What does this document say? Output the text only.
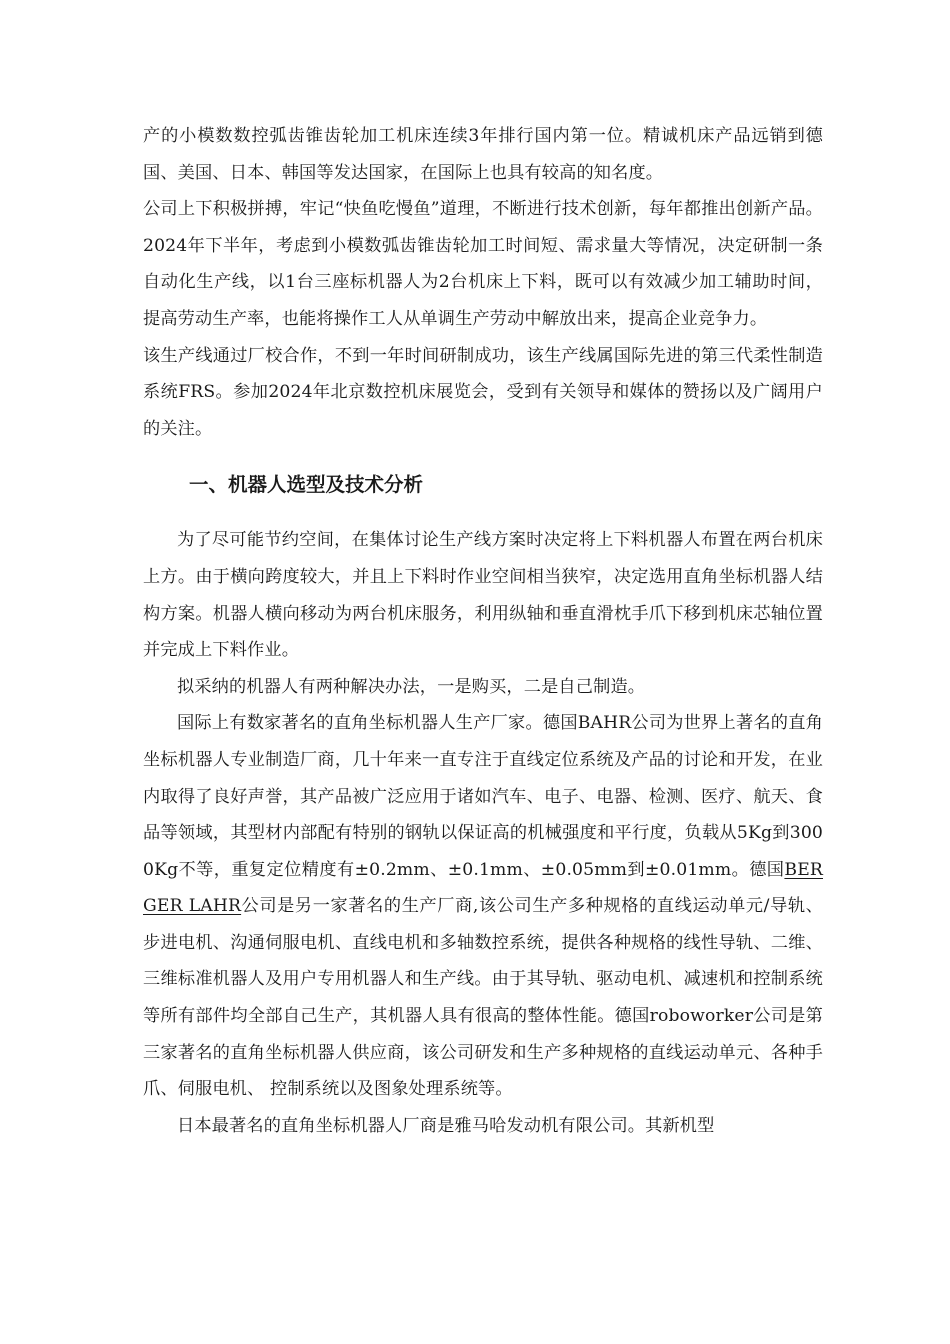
产的小模数数控弧齿锥齿轮加工机床连续3年排行国内第一位。精诚机床产品远销到德国、美国、日本、韩国等发达国家，在国际上也具有较高的知名度。

公司上下积极拼搏，牢记“快鱼吃慢鱼”道理，不断进行技术创新，每年都推出创新产品。2024年下半年，考虑到小模数弧齿锥齿轮加工时间短、需求量大等情况，决定研制一条自动化生产线，以1台三座标机器人为2台机床上下料，既可以有效减少加工辅助时间，提高劳动生产率，也能将操作工人从单调生产劳动中解放出来，提高企业竞争力。

该生产线通过厂校合作，不到一年时间研制成功，该生产线属国际先进的第三代柔性制造系统FRS。参加2024年北京数控机床展览会，受到有关领导和媒体的赞扬以及广阔用户的关注。

一、机器人选型及技术分析

为了尽可能节约空间，在集体讨论生产线方案时决定将上下料机器人布置在两台机床上方。由于横向跨度较大，并且上下料时作业空间相当狭窄，决定选用直角坐标机器人结构方案。机器人横向移动为两台机床服务，利用纵轴和垂直滑枕手爪下移到机床芯轴位置并完成上下料作业。

拟采纳的机器人有两种解决办法，一是购买，二是自己制造。

国际上有数家著名的直角坐标机器人生产厂家。德国BAHR公司为世界上著名的直角坐标机器人专业制造厂商，几十年来一直专注于直线定位系统及产品的讨论和开发，在业内取得了良好声誉，其产品被广泛应用于诸如汽车、电子、电器、检测、医疗、航天、食品等领域，其型材内部配有特别的钢轨以保证高的机械强度和平行度，负载从5Kg到3000Kg不等，重复定位精度有±0.2mm、±0.1mm、±0.05mm到±0.01mm。德国BERGER LAHR公司是另一家著名的生产厂商,该公司生产多种规格的直线运动单元/导轨、步进电机、沟通伺服电机、直线电机和多轴数控系统，提供各种规格的线性导轨、二维、 三维标准机器人及用户专用机器人和生产线。由于其导轨、驱动电机、减速机和控制系统等所有部件均全部自己生产，其机器人具有很高的整体性能。德国roboworker公司是第三家著名的直角坐标机器人供应商，该公司研发和生产多种规格的直线运动单元、各种手爪、伺服电机、 控制系统以及图象处理系统等。

日本最著名的直角坐标机器人厂商是雅马哈发动机有限公司。其新机型
